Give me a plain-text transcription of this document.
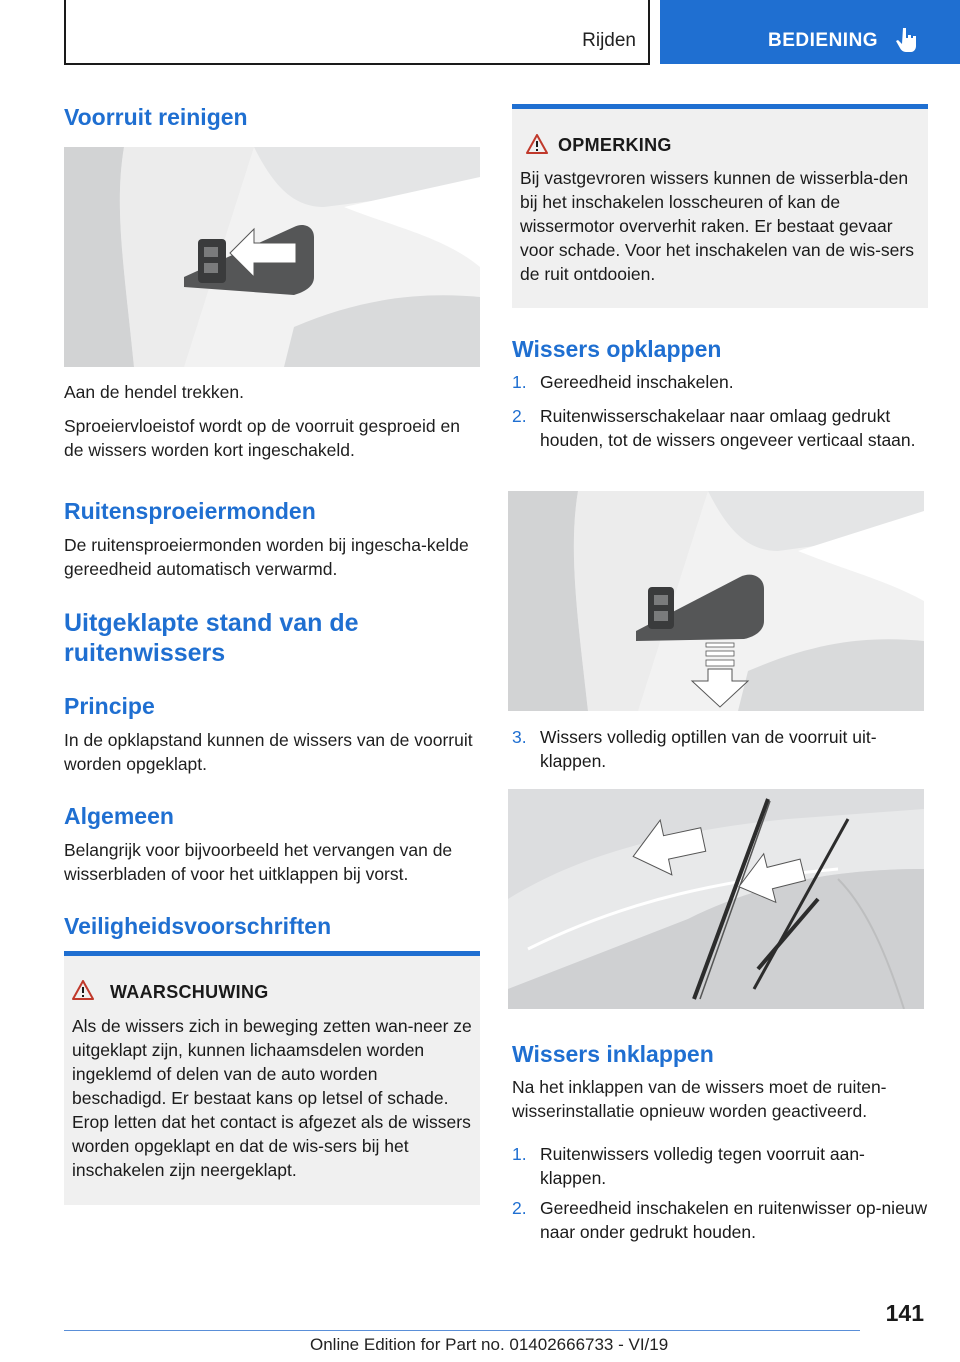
Rijden	BEDIENING
Voorruit reinigen

Aan de hendel trekken.

Sproeiervloeistof wordt op de voorruit gesproeid en de wissers worden kort ingeschakeld.

Ruitensproeiermonden

De ruitensproeiermonden worden bij ingescha-kelde gereedheid automatisch verwarmd.

Uitgeklapte stand van de ruitenwissers
Principe

In de opklapstand kunnen de wissers van de voorruit worden opgeklapt.

Algemeen

Belangrijk voor bijvoorbeeld het vervangen van de wisserbladen of voor het uitklappen bij vorst.

Veiligheidsvoorschriften
WAARSCHUWING
Als de wissers zich in beweging zetten wan-neer ze uitgeklapt zijn, kunnen lichaamsdelen worden ingeklemd of delen van de auto worden beschadigd. Er bestaat kans op letsel of schade. Erop letten dat het contact is afgezet als de wissers worden opgeklapt en dat de wis-sers bij het inschakelen zijn neergeklapt.
OPMERKING
Bij vastgevroren wissers kunnen de wisserbla-den bij het inschakelen losscheuren of kan de wissermotor oververhit raken. Er bestaat gevaar voor schade. Voor het inschakelen van de wis-sers de ruit ontdooien.
Wissers opklappen
1. Gereedheid inschakelen.
2. Ruitenwisserschakelaar naar omlaag gedrukt houden, tot de wissers ongeveer verticaal staan.
3. Wissers volledig optillen van de voorruit uit-klappen.
Wissers inklappen

Na het inklappen van de wissers moet de ruiten-wisserinstallatie opnieuw worden geactiveerd.

1. Ruitenwissers volledig tegen voorruit aan-klappen.
2. Gereedheid inschakelen en ruitenwisser op-nieuw naar onder gedrukt houden.
141
Online Edition for Part no. 01402666733 - VI/19
